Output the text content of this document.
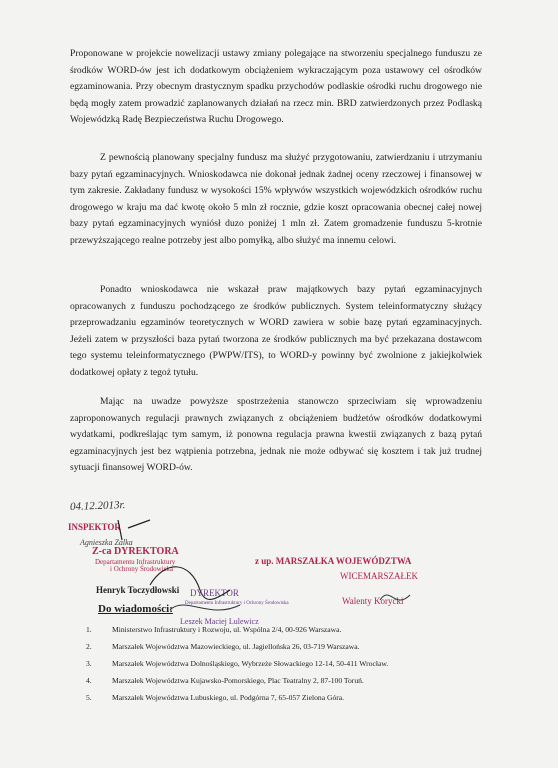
Proponowane w projekcie nowelizacji ustawy zmiany polegające na stworzeniu specjalnego funduszu ze środków WORD-ów jest ich dodatkowym obciążeniem wykraczającym poza ustawowy cel ośrodków egzaminowania. Przy obecnym drastycznym spadku przychodów podlaskie ośrodki ruchu drogowego nie będą mogły zatem prowadzić zaplanowanych działań na rzecz min. BRD zatwierdzonych przez Podlaską Wojewódzką Radę Bezpieczeństwa Ruchu Drogowego.

Z pewnością planowany specjalny fundusz ma służyć przygotowaniu, zatwierdzaniu i utrzymaniu bazy pytań egzaminacyjnych. Wnioskodawca nie dokonał jednak żadnej oceny rzeczowej i finansowej w tym zakresie. Zakładany fundusz w wysokości 15% wpływów wszystkich wojewódzkich ośrodków ruchu drogowego w kraju ma dać kwotę około 5 mln zł rocznie, gdzie koszt opracowania obecnej całej nowej bazy pytań egzaminacyjnych wyniósł duzo poniżej 1 mln zł. Zatem gromadzenie funduszu 5-krotnie przewyższającego realne potrzeby jest albo pomyłką, albo służyć ma innemu celowi.

Ponadto wnioskodawca nie wskazał praw majątkowych bazy pytań egzaminacyjnych opracowanych z funduszu pochodzącego ze środków publicznych. System teleinformatyczny służący przeprowadzaniu egzaminów teoretycznych w WORD zawiera w sobie bazę pytań egzaminacyjnych. Jeżeli zatem w przyszłości baza pytań tworzona ze środków publicznych ma być przekazana dostawcom tego systemu teleinformatycznego (PWPW/ITS), to WORD-y powinny być zwolnione z jakiejkolwiek dodatkowej opłaty z tegoż tytułu.

Mając na uwadze powyższe spostrzeżenia stanowczo sprzeciwiam się wprowadzeniu zaproponowanych regulacji prawnych związanych z obciążeniem budżetów ośrodków dodatkowymi wydatkami, podkreślając tym samym, iż ponowna regulacja prawna kwestii związanych z bazą pytań egzaminacyjnych jest bez wątpienia potrzebna, jednak nie może odbywać się kosztem i tak już trudnej sytuacji finansowej WORD-ów.

04.12.2013r.
INSPEKTOR
Agnieszka Zalka
Z-ca DYREKTORA
Departamentu Infrastruktury
i Ochrony Środowiska
Henryk Toczydłowski
z up. MARSZAŁKA WOJEWÓDZTWA
WICEMARSZAŁEK
Walenty Korycki
DYREKTOR
Departamentu Infrastruktury i Ochrony Środowiska
Leszek Maciej Lulewicz
Do wiadomości:
1.	Ministerstwo Infrastruktury i Rozwoju, ul. Wspólna 2/4, 00-926 Warszawa.
2.	Marszałek Województwa Mazowieckiego, ul. Jagiellońska 26, 03-719 Warszawa.
3.	Marszałek Województwa Dolnośląskiego, Wybrzeże Słowackiego 12-14, 50-411 Wrocław.
4.	Marszałek Województwa Kujawsko-Pomorskiego, Plac Teatralny 2, 87-100 Toruń.
5.	Marszałek Województwa Lubuskiego, ul. Podgórna 7, 65-057 Zielona Góra.
